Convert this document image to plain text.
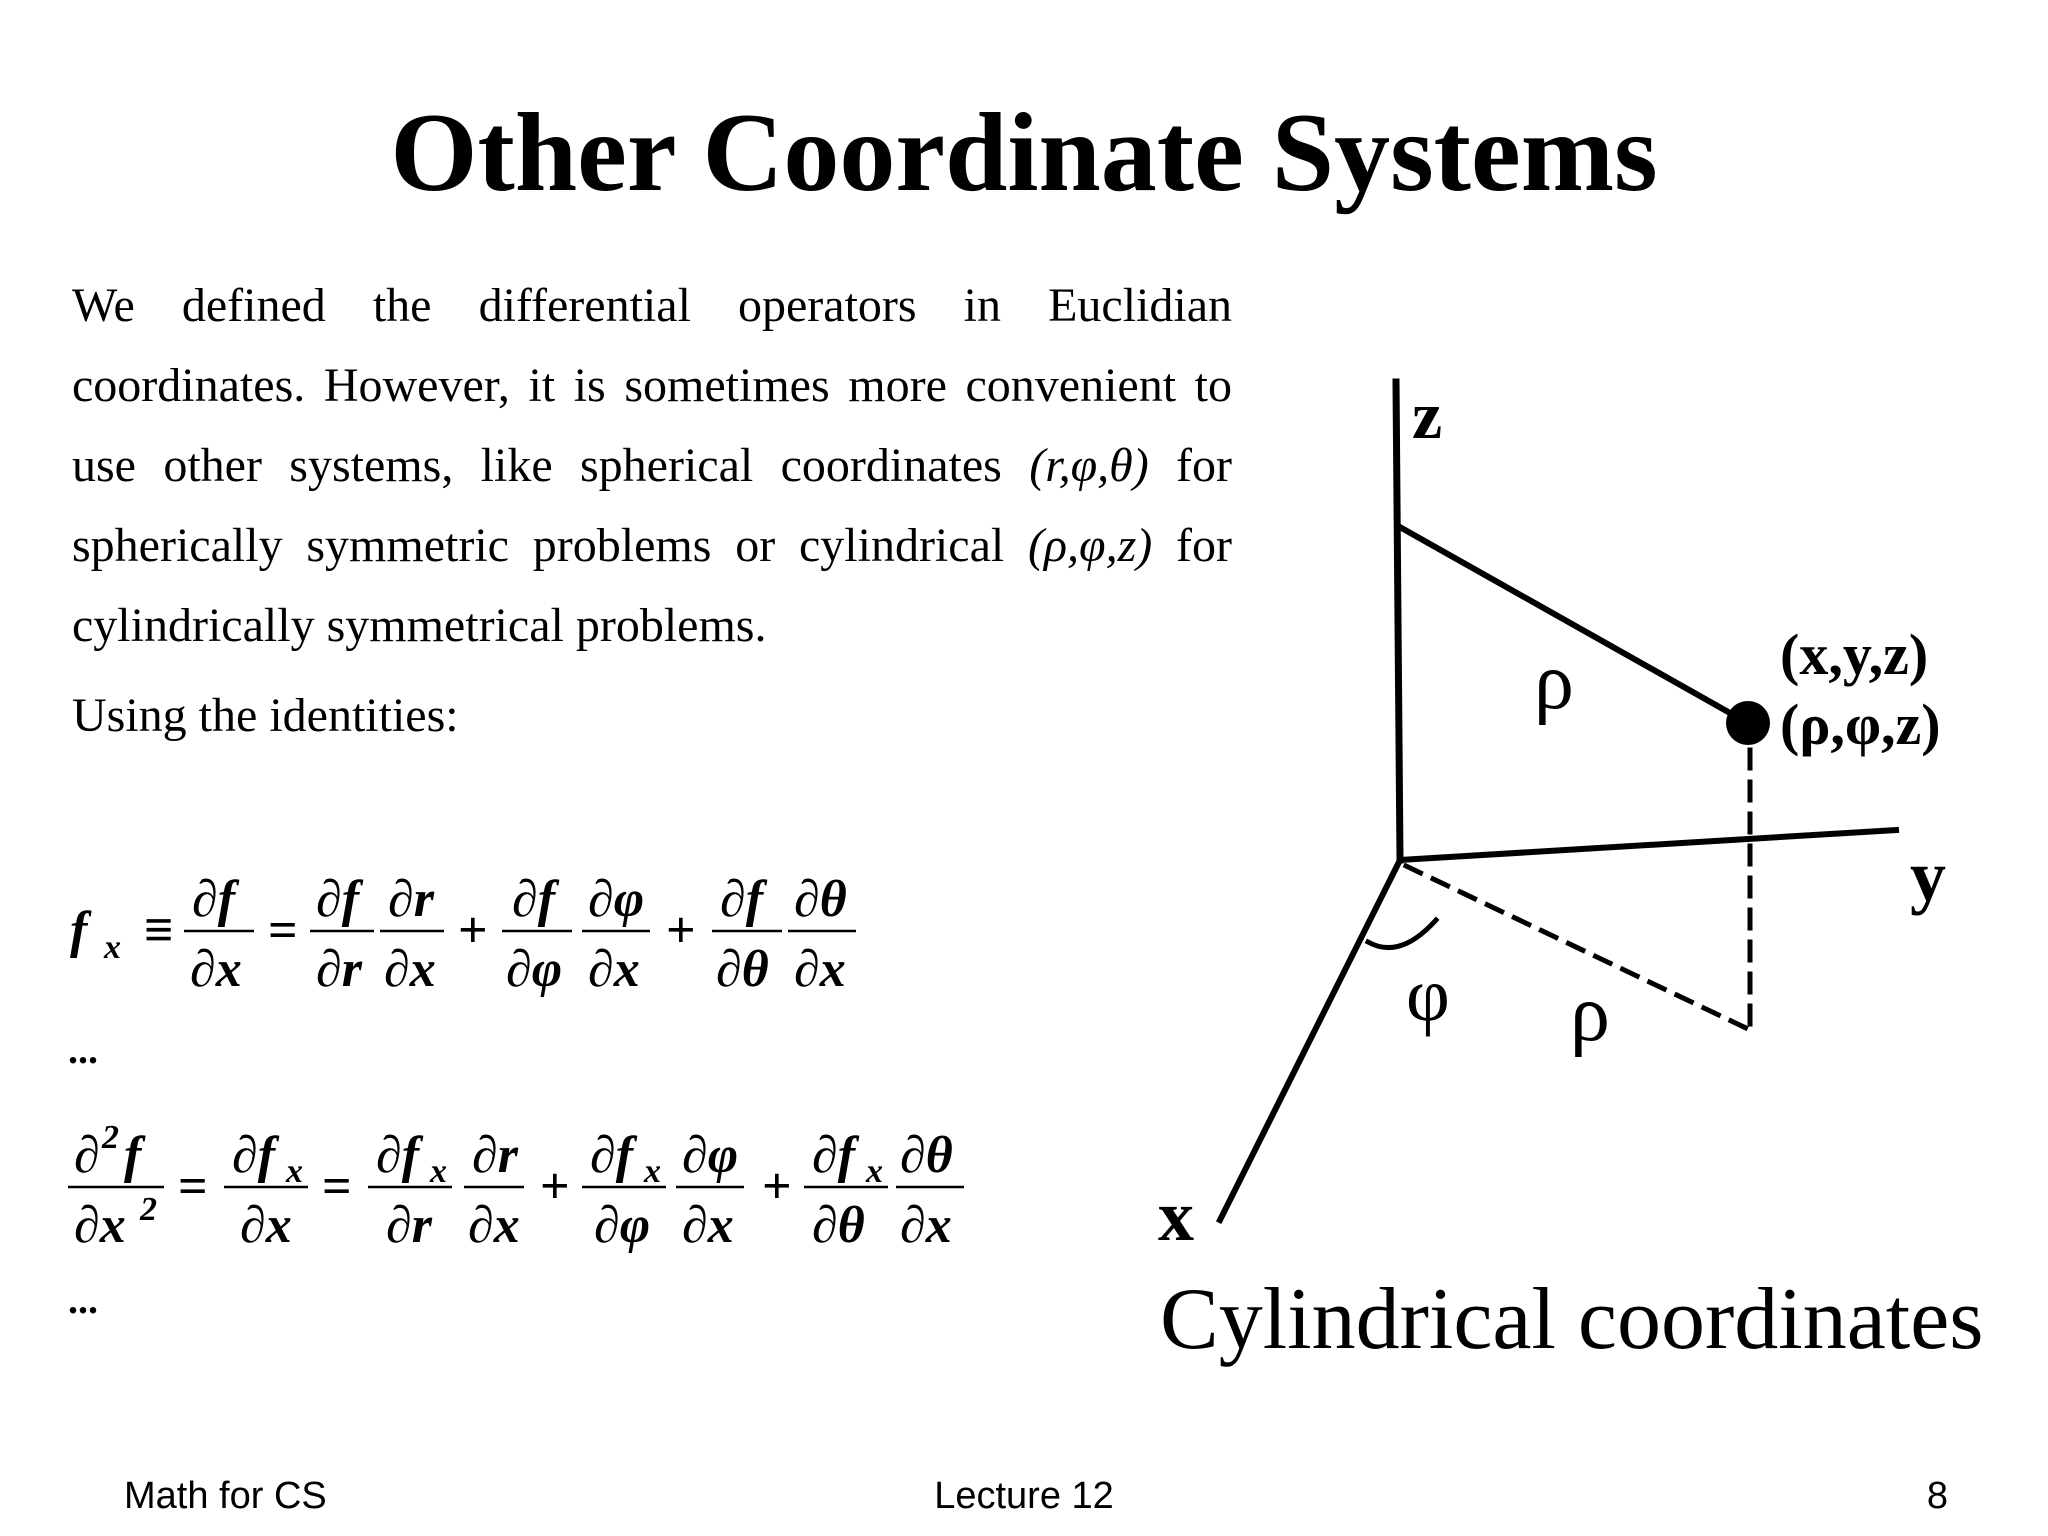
Other Coordinate Systems
We defined the differential operators in Euclidian coordinates. However, it is sometimes more convenient to use other systems, like spherical coordinates (r,φ,θ) for spherically symmetric problems or cylindrical (ρ,φ,z) for cylindrically symmetrical problems.
Using the identities:
f x ≡
∂f
∂x
=
∂f
∂r
∂r
∂x
+
∂f
∂φ
∂φ
∂x
+
∂f
∂θ
∂θ
∂x
...
∂ 2 f
∂x 2 =
∂f x
∂x
=
∂f x
∂r
∂r
∂x
+
∂f x
∂φ
∂φ
∂x
+
∂f x
∂θ
∂θ
∂x
...
z
y
x
ρ
ρ
φ
(x,y,z)
(ρ,φ,z)
Cylindrical coordinates
Math for CS	Lecture 12	8
